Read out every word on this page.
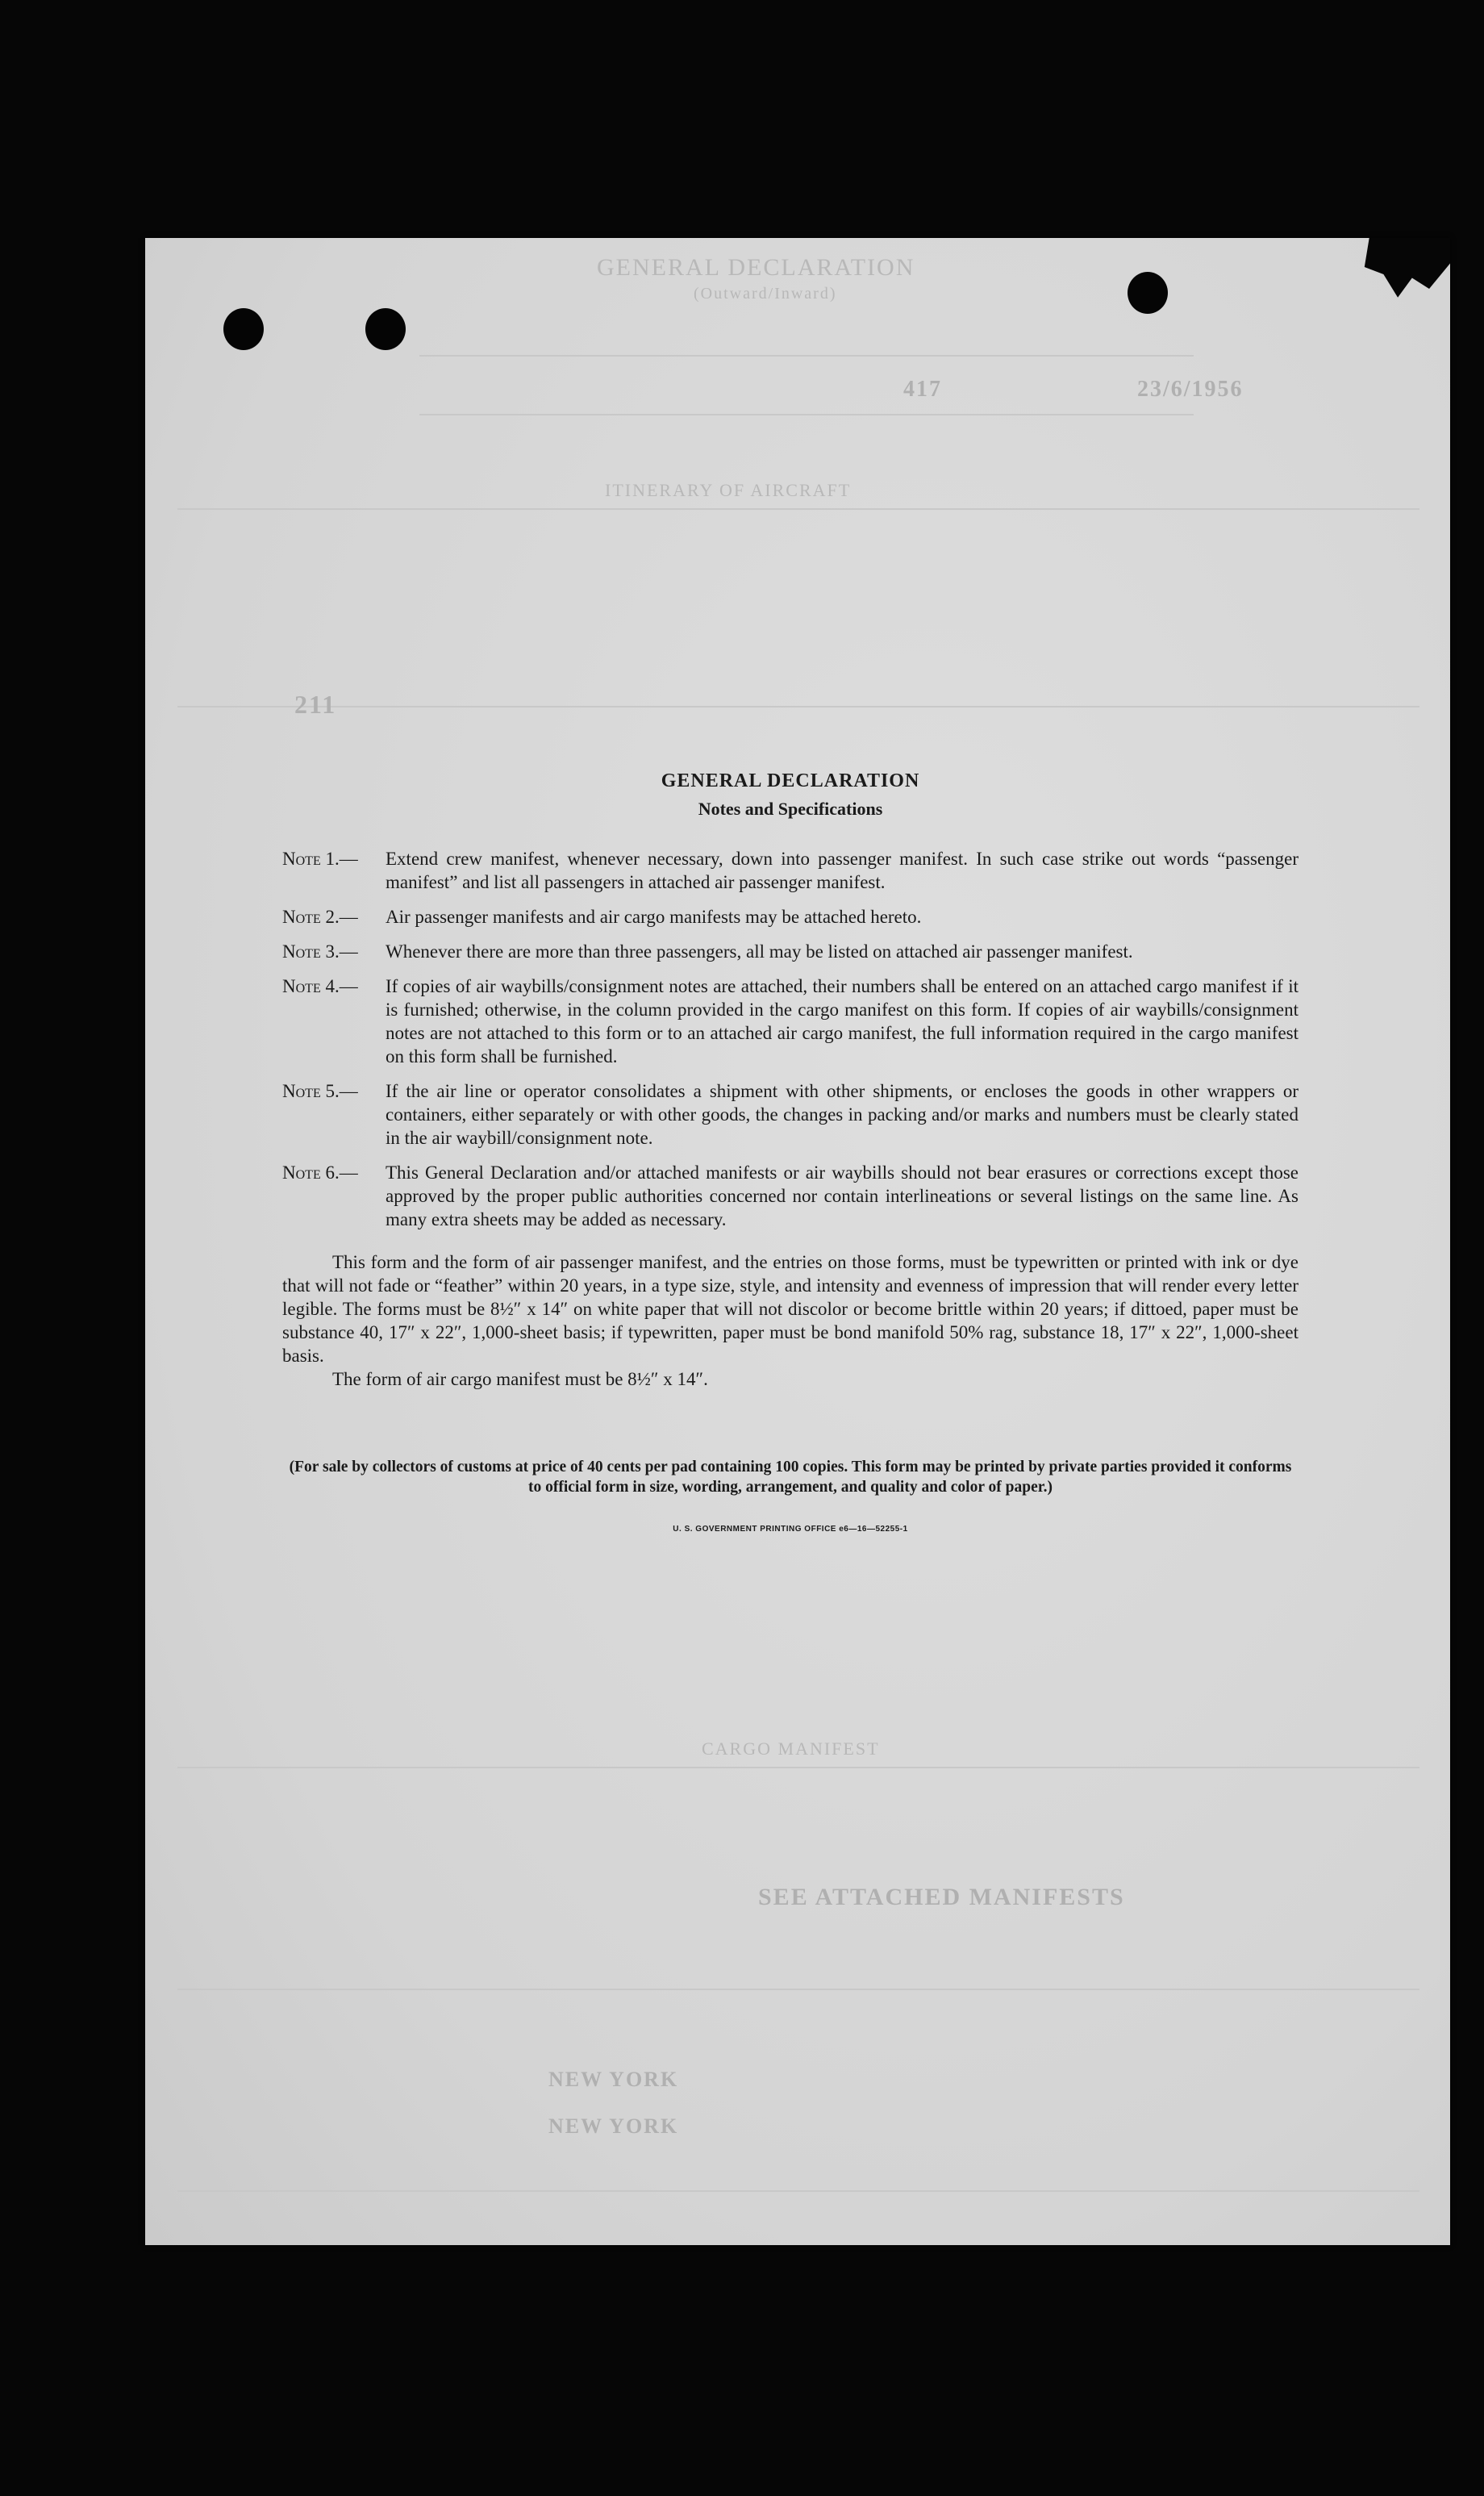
GENERAL DECLARATION
(Outward/Inward)
23/6/1956
417
ITINERARY OF AIRCRAFT
211
CARGO MANIFEST
SEE ATTACHED MANIFESTS
NEW YORK
NEW YORK
GENERAL DECLARATION
Notes and Specifications
Note 1.—	Extend crew manifest, whenever necessary, down into passenger manifest. In such case strike out words “passenger manifest” and list all passengers in attached air passenger manifest.
Note 2.—	Air passenger manifests and air cargo manifests may be attached hereto.
Note 3.—	Whenever there are more than three passengers, all may be listed on attached air passenger manifest.
Note 4.—	If copies of air waybills/consignment notes are attached, their numbers shall be entered on an attached cargo manifest if it is furnished; otherwise, in the column provided in the cargo manifest on this form. If copies of air waybills/consignment notes are not attached to this form or to an attached air cargo manifest, the full information required in the cargo manifest on this form shall be furnished.
Note 5.—	If the air line or operator consolidates a shipment with other shipments, or encloses the goods in other wrappers or containers, either separately or with other goods, the changes in packing and/or marks and numbers must be clearly stated in the air waybill/consignment note.
Note 6.—	This General Declaration and/or attached manifests or air waybills should not bear erasures or corrections except those approved by the proper public authorities concerned nor contain interlineations or several listings on the same line. As many extra sheets may be added as necessary.
This form and the form of air passenger manifest, and the entries on those forms, must be typewritten or printed with ink or dye that will not fade or “feather” within 20 years, in a type size, style, and intensity and evenness of impression that will render every letter legible. The forms must be 8½″ x 14″ on white paper that will not discolor or become brittle within 20 years; if dittoed, paper must be substance 40, 17″ x 22″, 1,000-sheet basis; if typewritten, paper must be bond manifold 50% rag, substance 18, 17″ x 22″, 1,000-sheet basis.
The form of air cargo manifest must be 8½″ x 14″.
(For sale by collectors of customs at price of 40 cents per pad containing 100 copies. This form may be printed by private parties provided it conforms to official form in size, wording, arrangement, and quality and color of paper.)
U. S. GOVERNMENT PRINTING OFFICE e6—16—52255-1
